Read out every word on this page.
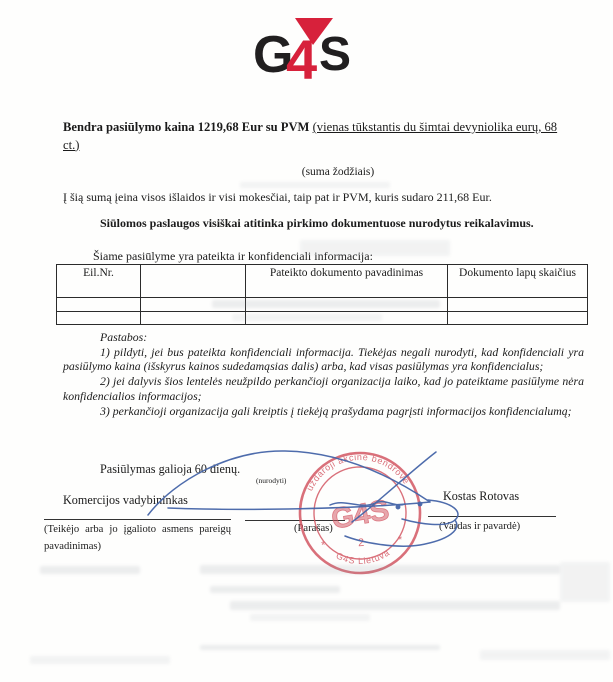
G
4 S
Bendra pasiūlymo kaina 1219,68 Eur su PVM (vienas tūkstantis du šimtai devyniolika eurų, 68
ct.)
(suma žodžiais)
Į šią sumą įeina visos išlaidos ir visi mokesčiai, taip pat ir PVM, kuris sudaro 211,68 Eur.
Siūlomos paslaugos visiškai atitinka pirkimo dokumentuose nurodytus reikalavimus.
Šiame pasiūlyme yra pateikta ir konfidenciali informacija:
Eil.Nr.		Pateikto dokumento pavadinimas	Dokumento lapų skaičius

Pastabos:

1) pildyti, jei bus pateikta konfidenciali informacija. Tiekėjas negali nurodyti, kad konfidenciali yra pasiūlymo kaina (išskyrus kainos sudedamąsias dalis) arba, kad visas pasiūlymas yra konfidencialus;

2) jei dalyvis šios lentelės neužpildo perkančioji organizacija laiko, kad jo pateiktame pasiūlyme nėra konfidencialios informacijos;

3) perkančioji organizacija gali kreiptis į tiekėją prašydama pagrįsti informacijos konfidencialumą;

Pasiūlymas galioja 60 dienų.
(nurodyti)
Komercijos vadybininkas	Kostas Rotovas
(Teikėjo arba jo įgalioto asmens pareigų pavadinimas)
(Parašas)	(Vardas ir pavardė)
uždaroji akcinė bendrovė
G4S Lietuva
G4S
2
*	*
